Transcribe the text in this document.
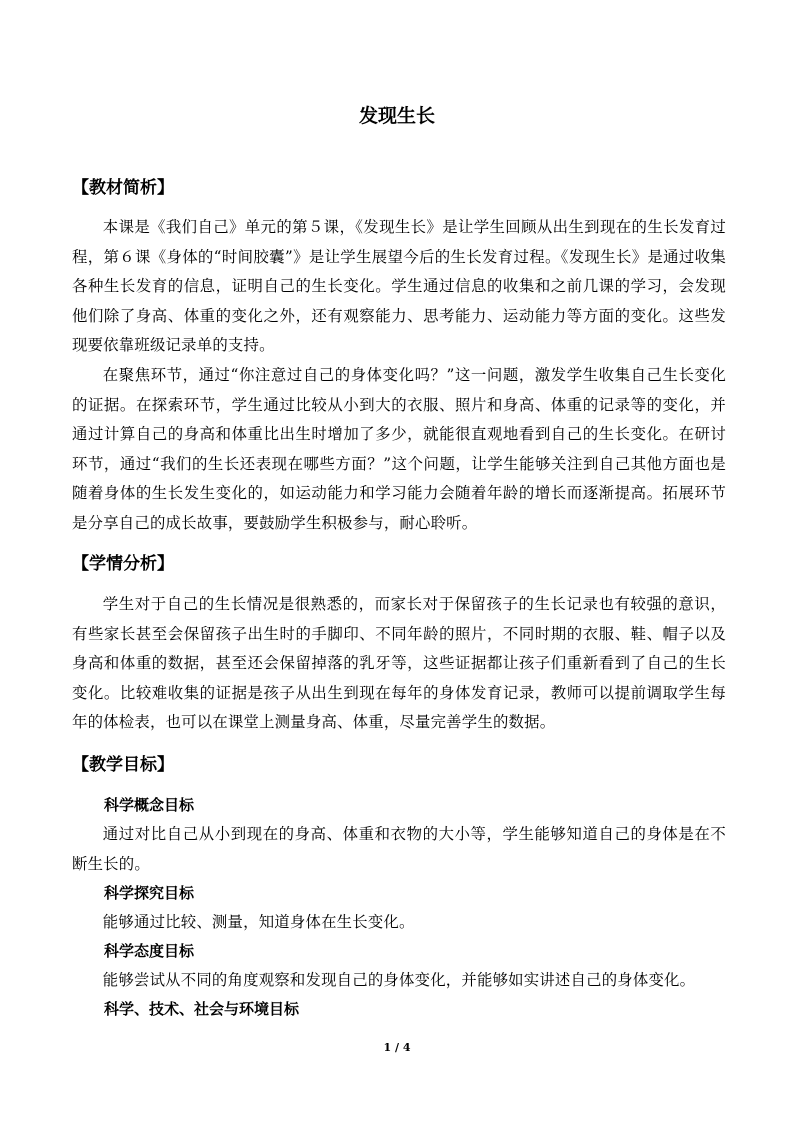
发现生长
【教材简析】

本课是《我们自己》单元的第５课，《发现生长》是让学生回顾从出生到现在的生长发育过程，第６课《身体的“时间胶囊”》是让学生展望今后的生长发育过程。《发现生长》是通过收集各种生长发育的信息，证明自己的生长变化。学生通过信息的收集和之前几课的学习，会发现他们除了身高、体重的变化之外，还有观察能力、思考能力、运动能力等方面的变化。这些发现要依靠班级记录单的支持。

在聚焦环节，通过“你注意过自己的身体变化吗？”这一问题，激发学生收集自己生长变化的证据。在探索环节，学生通过比较从小到大的衣服、照片和身高、体重的记录等的变化，并通过计算自己的身高和体重比出生时增加了多少，就能很直观地看到自己的生长变化。在研讨环节，通过“我们的生长还表现在哪些方面？”这个问题，让学生能够关注到自己其他方面也是随着身体的生长发生变化的，如运动能力和学习能力会随着年龄的增长而逐渐提高。拓展环节是分享自己的成长故事，要鼓励学生积极参与，耐心聆听。

【学情分析】

学生对于自己的生长情况是很熟悉的，而家长对于保留孩子的生长记录也有较强的意识，有些家长甚至会保留孩子出生时的手脚印、不同年龄的照片，不同时期的衣服、鞋、帽子以及身高和体重的数据，甚至还会保留掉落的乳牙等，这些证据都让孩子们重新看到了自己的生长变化。比较难收集的证据是孩子从出生到现在每年的身体发育记录，教师可以提前调取学生每年的体检表，也可以在课堂上测量身高、体重，尽量完善学生的数据。

【教学目标】
科学概念目标

通过对比自己从小到现在的身高、体重和衣物的大小等，学生能够知道自己的身体是在不断生长的。

科学探究目标

能够通过比较、测量，知道身体在生长变化。

科学态度目标

能够尝试从不同的角度观察和发现自己的身体变化，并能够如实讲述自己的身体变化。

科学、技术、社会与环境目标
1 / 4
